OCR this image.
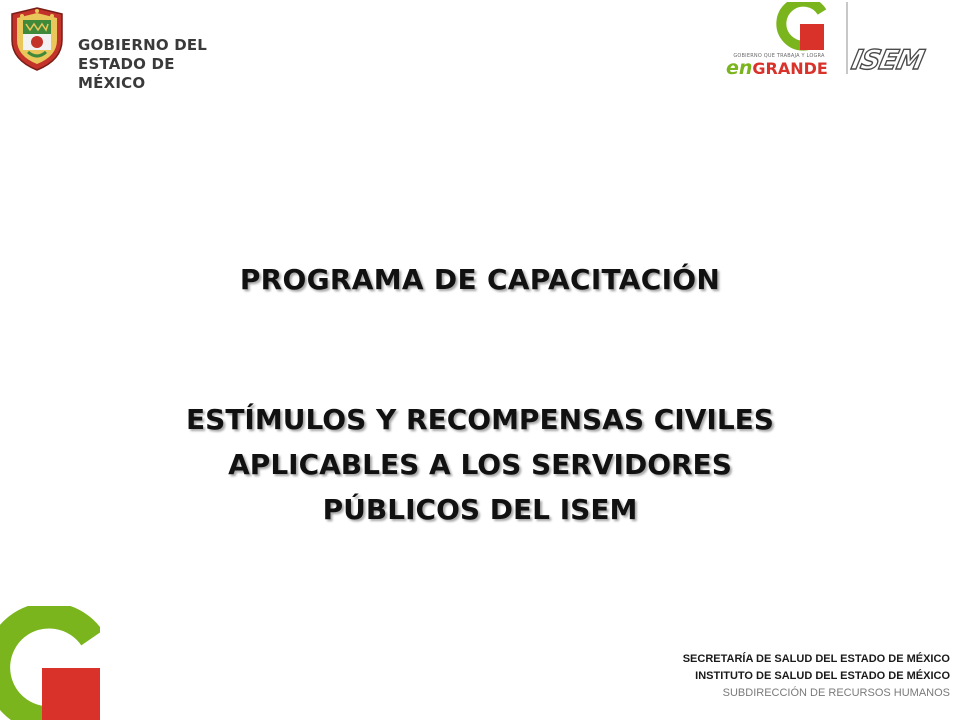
GOBIERNO DEL
ESTADO DE MÉXICO
GOBIERNO QUE TRABAJA Y LOGRA
enGRANDE ISEM
PROGRAMA DE CAPACITACIÓN
ESTÍMULOS Y RECOMPENSAS CIVILES
APLICABLES A LOS SERVIDORES
PÚBLICOS DEL ISEM
SECRETARÍA DE SALUD DEL ESTADO DE MÉXICO
INSTITUTO DE SALUD DEL ESTADO DE MÉXICO
SUBDIRECCIÓN DE RECURSOS HUMANOS
